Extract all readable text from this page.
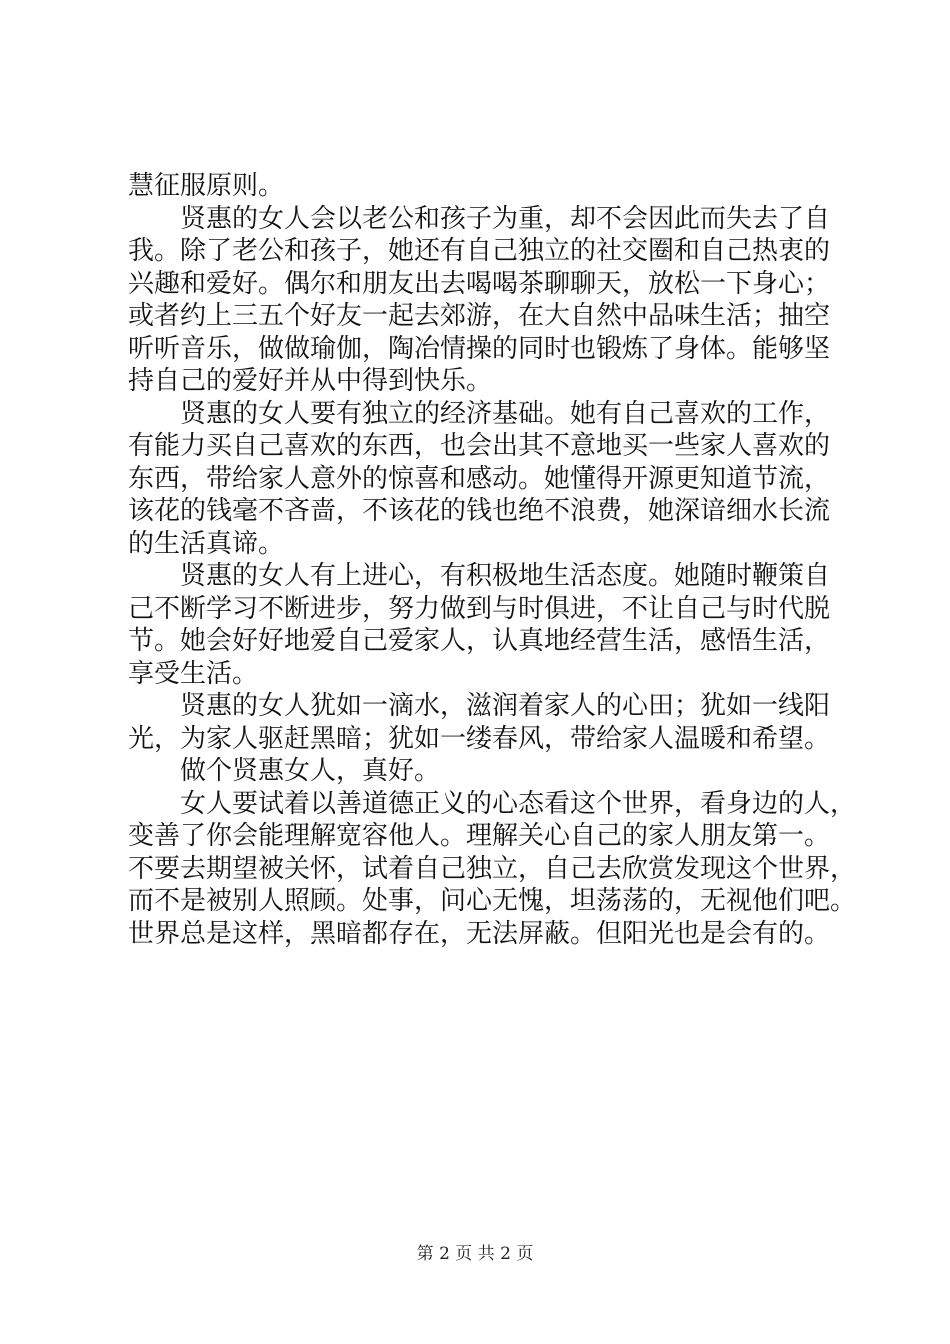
慧征服原则。
　　贤惠的女人会以老公和孩子为重，却不会因此而失去了自
我。除了老公和孩子，她还有自己独立的社交圈和自己热衷的
兴趣和爱好。偶尔和朋友出去喝喝茶聊聊天，放松一下身心；
或者约上三五个好友一起去郊游，在大自然中品味生活；抽空
听听音乐，做做瑜伽，陶冶情操的同时也锻炼了身体。能够坚
持自己的爱好并从中得到快乐。
　　贤惠的女人要有独立的经济基础。她有自己喜欢的工作，
有能力买自己喜欢的东西，也会出其不意地买一些家人喜欢的
东西，带给家人意外的惊喜和感动。她懂得开源更知道节流，
该花的钱毫不吝啬，不该花的钱也绝不浪费，她深谙细水长流
的生活真谛。
　　贤惠的女人有上进心，有积极地生活态度。她随时鞭策自
己不断学习不断进步，努力做到与时俱进，不让自己与时代脱
节。她会好好地爱自己爱家人，认真地经营生活，感悟生活，
享受生活。
　　贤惠的女人犹如一滴水，滋润着家人的心田；犹如一线阳
光，为家人驱赶黑暗；犹如一缕春风，带给家人温暖和希望。
　　做个贤惠女人，真好。
　　女人要试着以善道德正义的心态看这个世界，看身边的人，
变善了你会能理解宽容他人。理解关心自己的家人朋友第一。
不要去期望被关怀，试着自己独立，自己去欣赏发现这个世界，
而不是被别人照顾。处事，问心无愧，坦荡荡的，无视他们吧。
世界总是这样，黑暗都存在，无法屏蔽。但阳光也是会有的。
第 2 页 共 2 页
